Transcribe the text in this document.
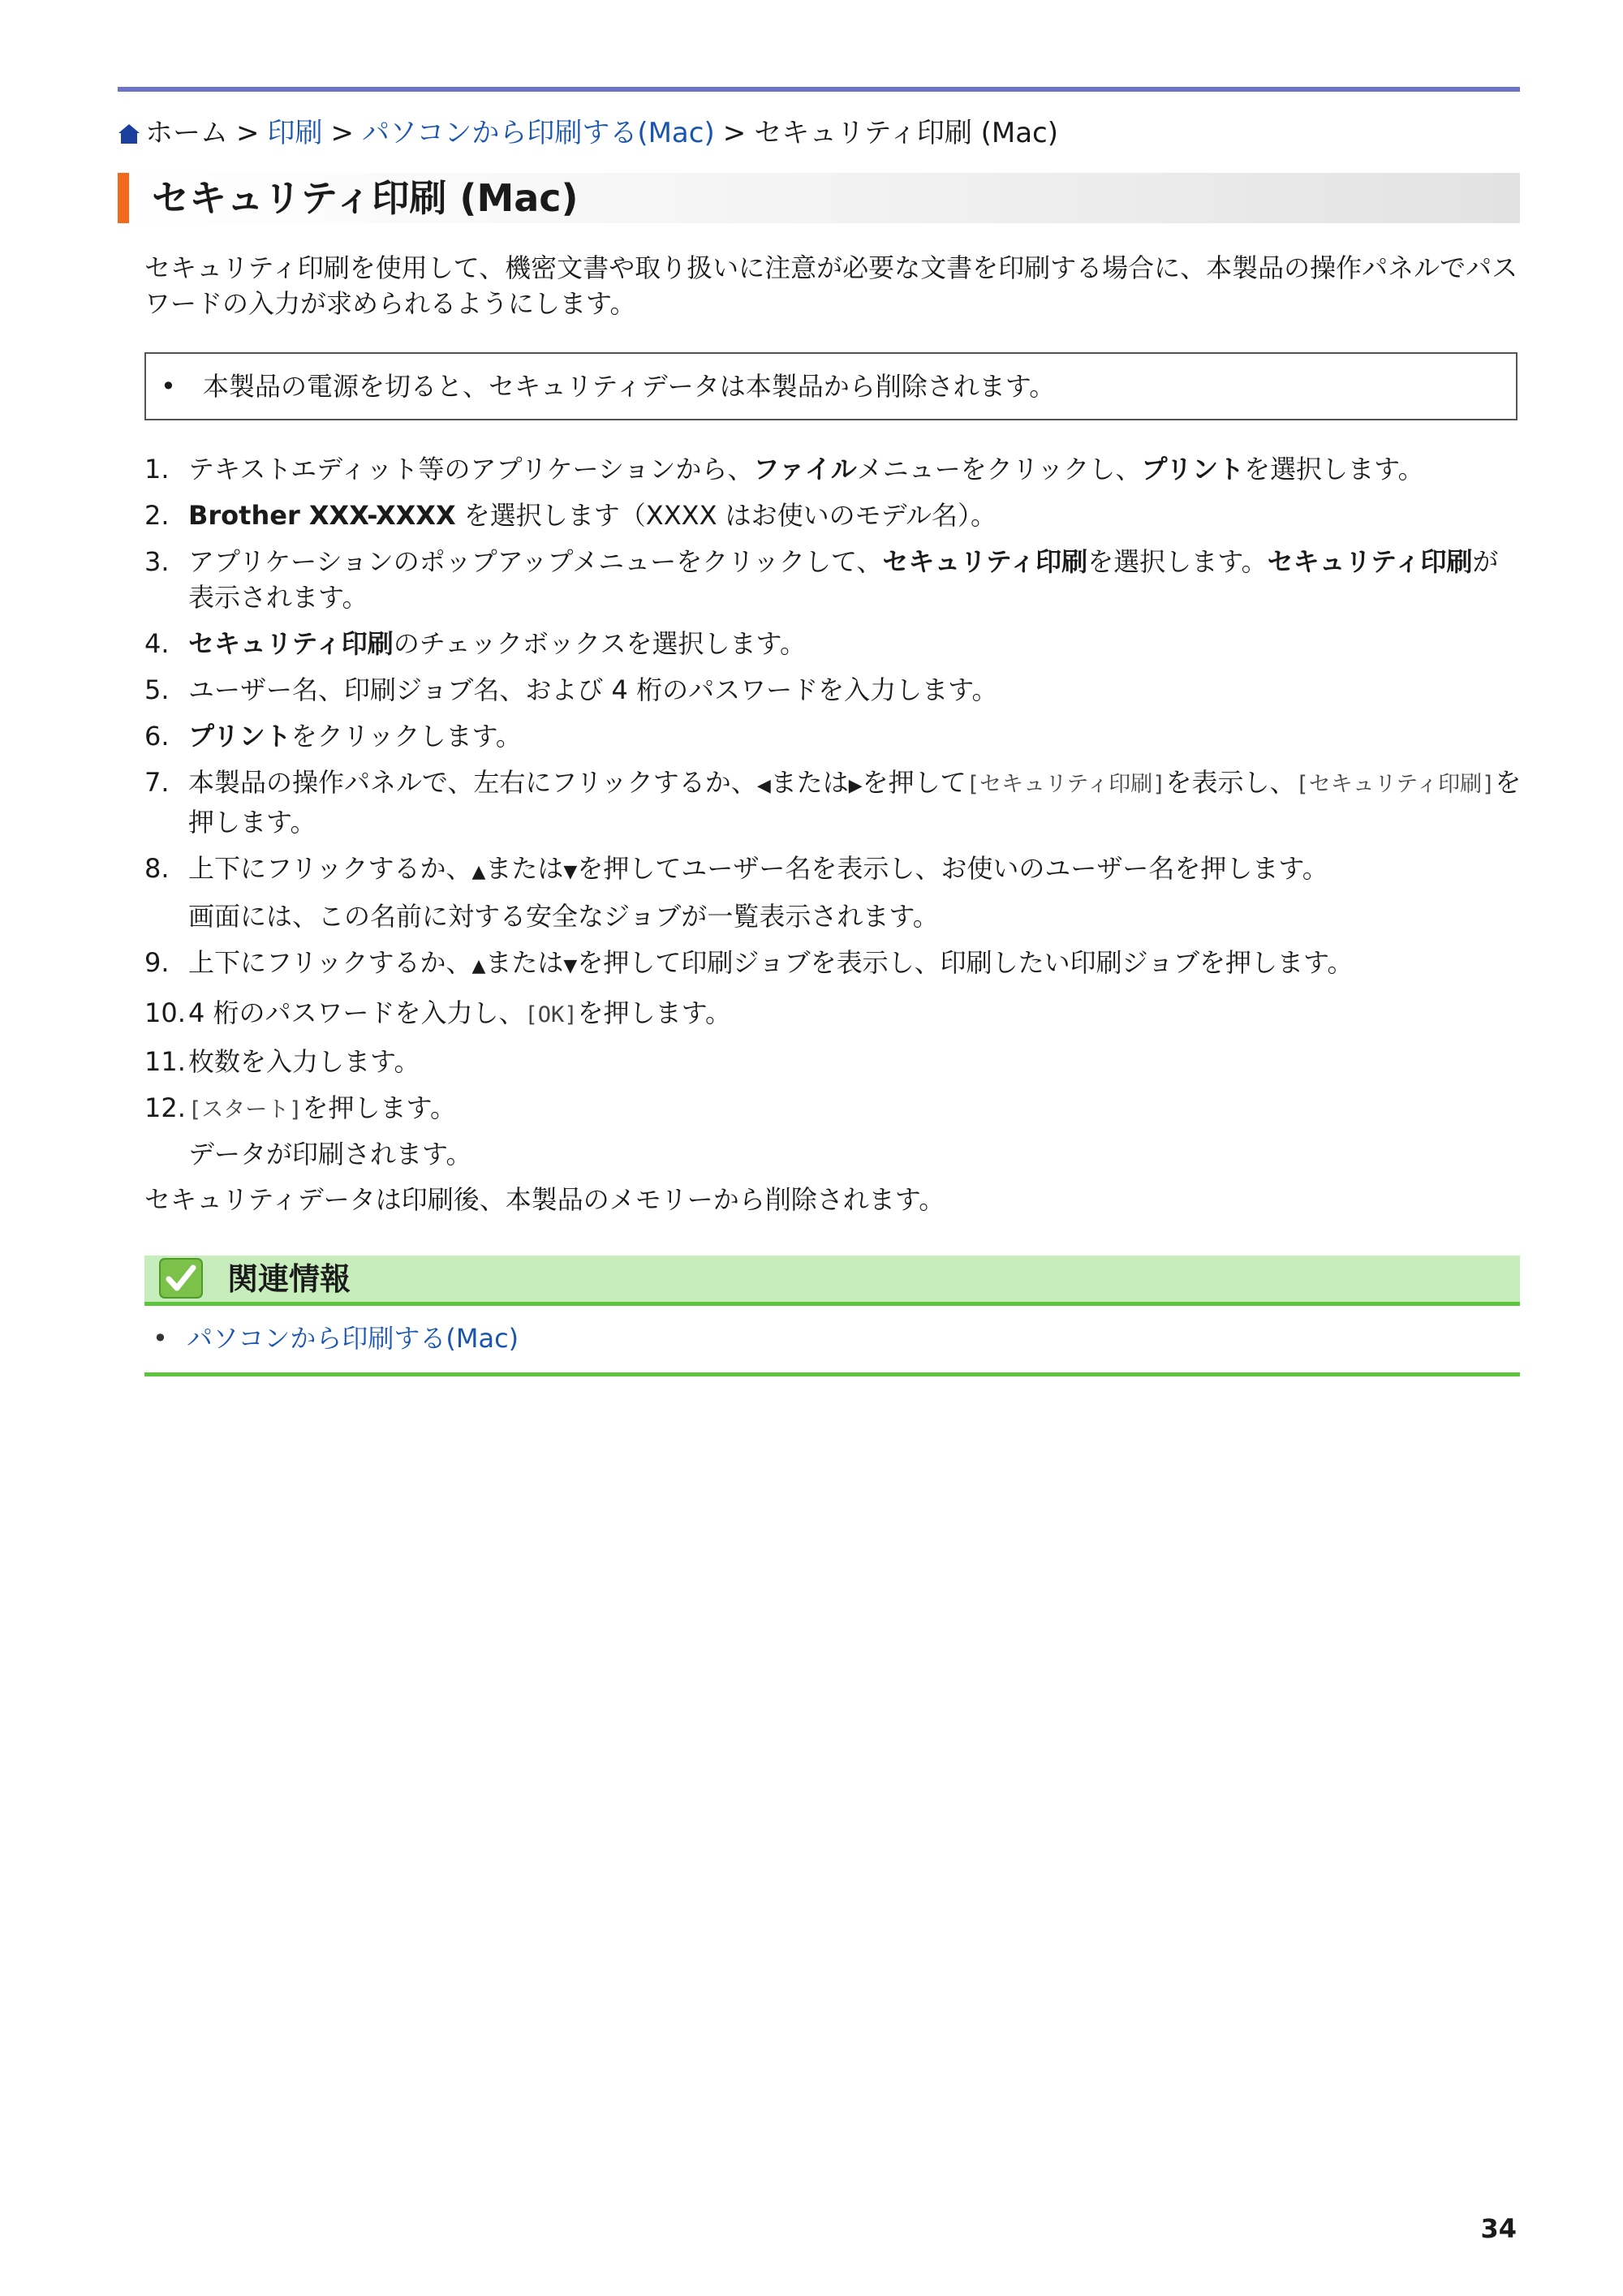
ホーム > 印刷 > パソコンから印刷する(Mac) > セキュリティ印刷 (Mac)
セキュリティ印刷 (Mac)
セキュリティ印刷を使用して、機密文書や取り扱いに注意が必要な文書を印刷する場合に、本製品の操作パネルでパスワードの入力が求められるようにします。
• 本製品の電源を切ると、セキュリティデータは本製品から削除されます。
1. テキストエディット等のアプリケーションから、ファイルメニューをクリックし、プリントを選択します。
2. Brother XXX-XXXX を選択します（XXXX はお使いのモデル名）。
3. アプリケーションのポップアップメニューをクリックして、セキュリティ印刷を選択します。セキュリティ印刷が表示されます。
4. セキュリティ印刷のチェックボックスを選択します。
5. ユーザー名、印刷ジョブ名、および 4 桁のパスワードを入力します。
6. プリントをクリックします。
7. 本製品の操作パネルで、左右にフリックするか、◀または▶を押して[セキュリティ印刷]を表示し、[セキュリティ印刷]を押します。
8. 上下にフリックするか、▲または▼を押してユーザー名を表示し、お使いのユーザー名を押します。
画面には、この名前に対する安全なジョブが一覧表示されます。
9. 上下にフリックするか、▲または▼を押して印刷ジョブを表示し、印刷したい印刷ジョブを押します。
10. 4 桁のパスワードを入力し、[OK]を押します。
11. 枚数を入力します。
12. [スタート]を押します。
データが印刷されます。
セキュリティデータは印刷後、本製品のメモリーから削除されます。
関連情報
• パソコンから印刷する(Mac)
34
